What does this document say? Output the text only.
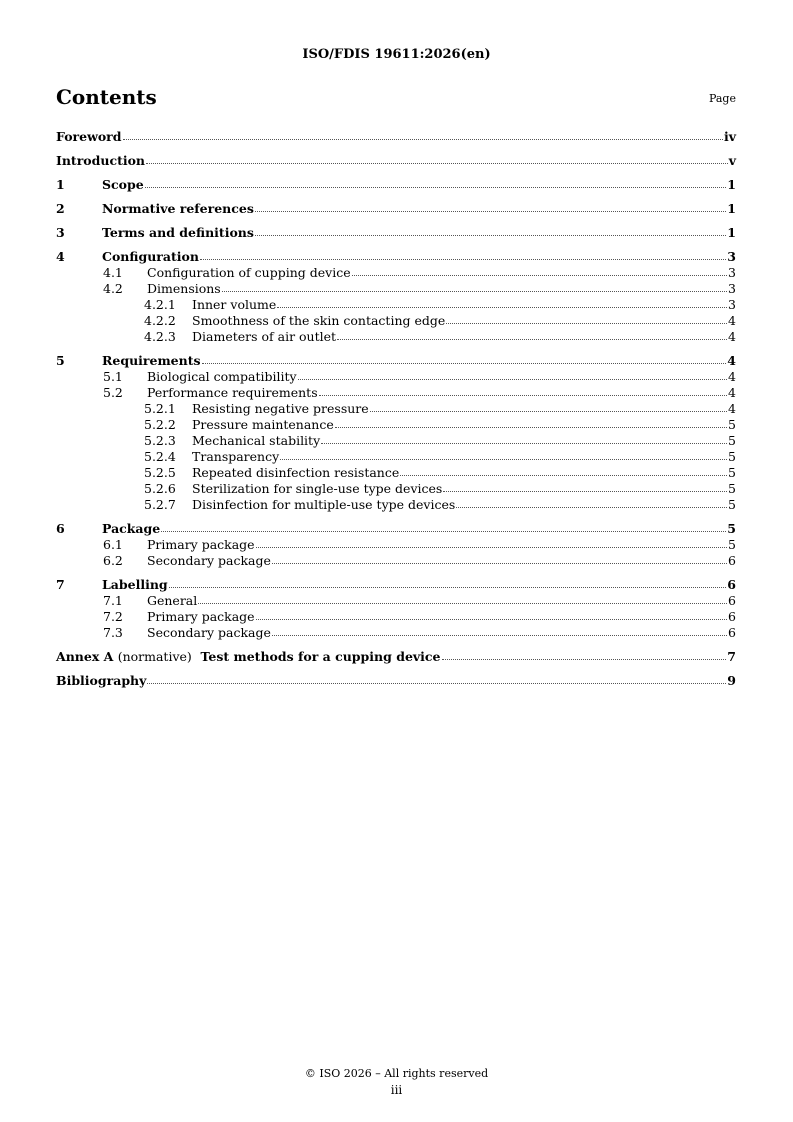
ISO/FDIS 19611:2026(en)
Contents	Page
Foreword	iv
Introduction	v
1	Scope	1
2	Normative references	1
3	Terms and definitions	1
4	Configuration	3
4.1	Configuration of cupping device	3
4.2	Dimensions	3
4.2.1	Inner volume	3
4.2.2	Smoothness of the skin contacting edge	4
4.2.3	Diameters of air outlet	4
5	Requirements	4
5.1	Biological compatibility	4
5.2	Performance requirements	4
5.2.1	Resisting negative pressure	4
5.2.2	Pressure maintenance	5
5.2.3	Mechanical stability	5
5.2.4	Transparency	5
5.2.5	Repeated disinfection resistance	5
5.2.6	Sterilization for single-use type devices	5
5.2.7	Disinfection for multiple-use type devices	5
6	Package	5
6.1	Primary package	5
6.2	Secondary package	6
7	Labelling	6
7.1	General	6
7.2	Primary package	6
7.3	Secondary package	6
Annex A (normative) Test methods for a cupping device	7
Bibliography	9
© ISO 2026 – All rights reserved
iii
